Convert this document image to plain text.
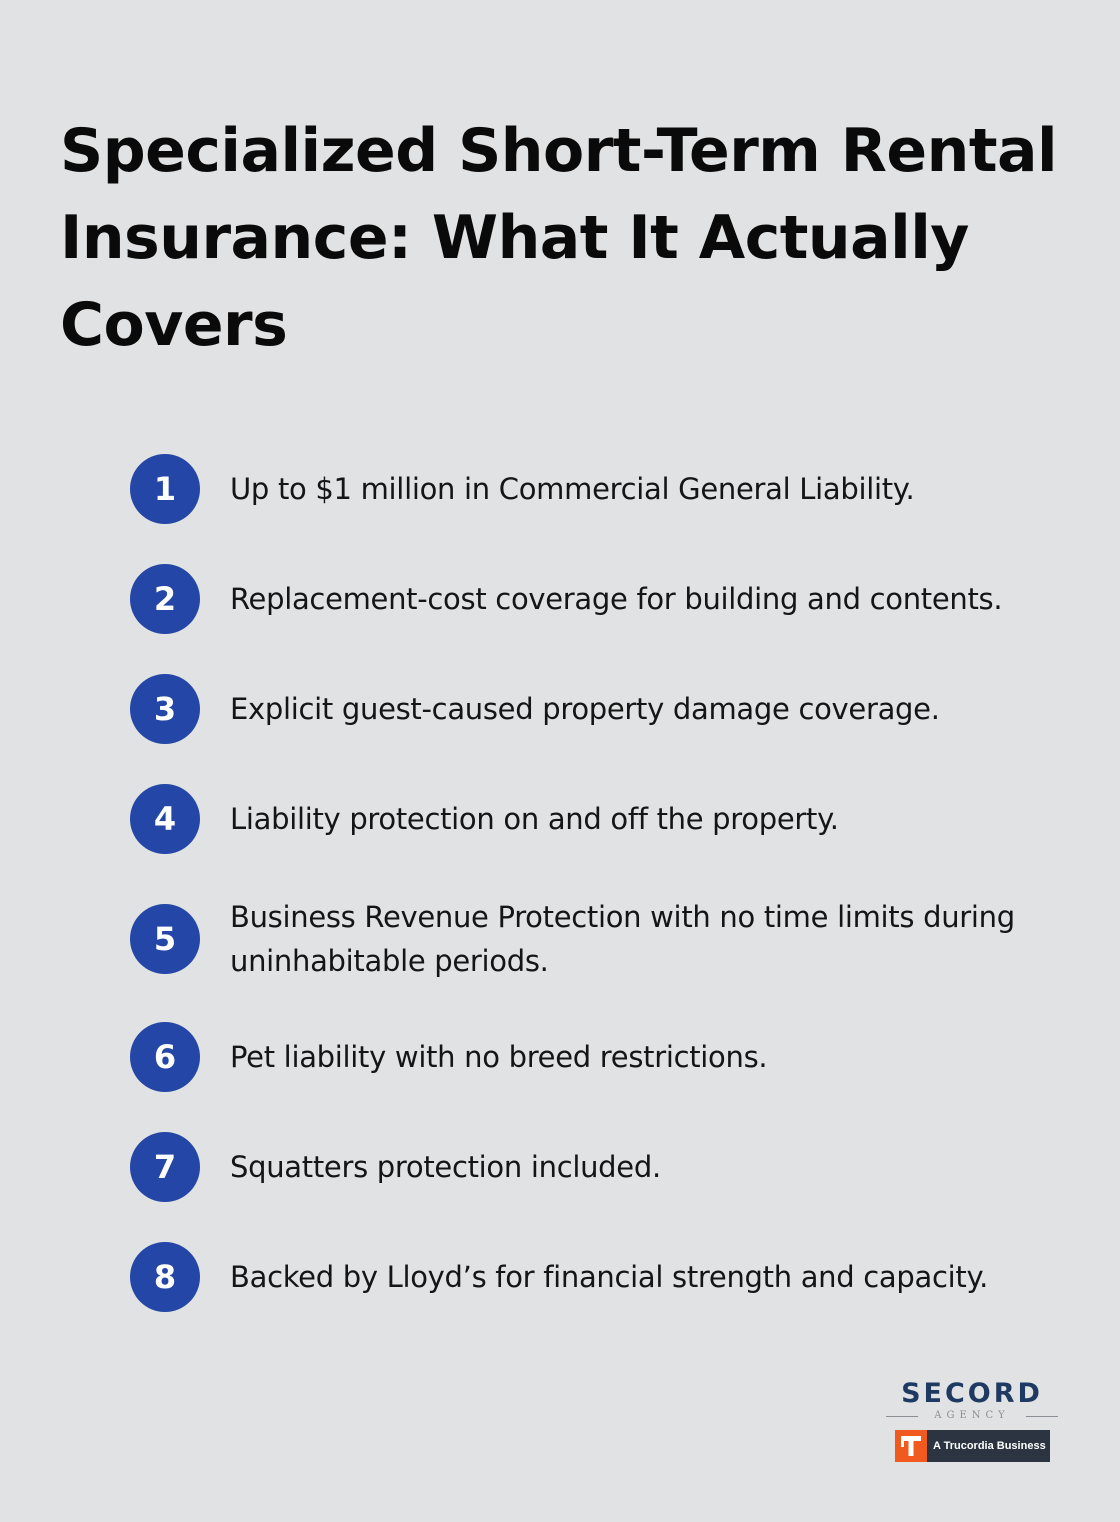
Specialized Short-Term Rental Insurance: What It Actually Covers
1	Up to $1 million in Commercial General Liability.
2	Replacement-cost coverage for building and contents.
3	Explicit guest-caused property damage coverage.
4	Liability protection on and off the property.
5
Business Revenue Protection with no time limits during uninhabitable periods.
6	Pet liability with no breed restrictions.
7	Squatters protection included.
8	Backed by Lloyd’s for financial strength and capacity.
SECORD
AGENCY
A Trucordia Business
